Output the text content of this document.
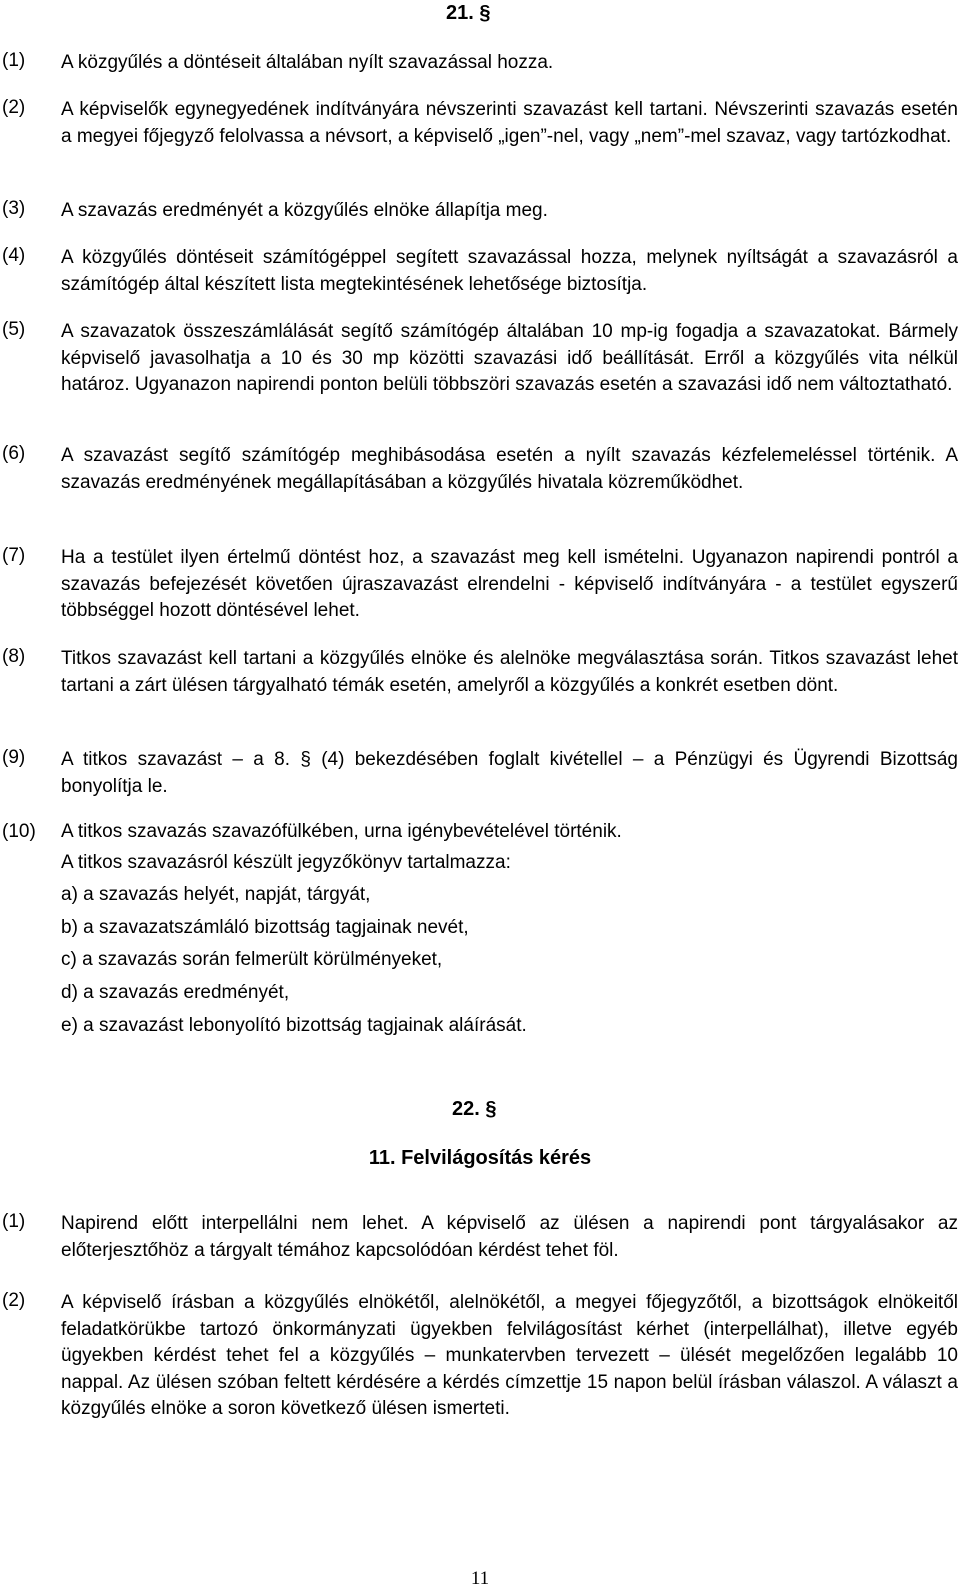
21. §
(1) A közgyűlés a döntéseit általában nyílt szavazással hozza.
(2) A képviselők egynegyedének indítványára névszerinti szavazást kell tartani. Névszerinti szavazás esetén a megyei főjegyző felolvassa a névsort, a képviselő „igen”-nel, vagy „nem”-mel szavaz, vagy tartózkodhat.
(3) A szavazás eredményét a közgyűlés elnöke állapítja meg.
(4) A közgyűlés döntéseit számítógéppel segített szavazással hozza, melynek nyíltságát a szavazásról a számítógép által készített lista megtekintésének lehetősége biztosítja.
(5) A szavazatok összeszámlálását segítő számítógép általában 10 mp-ig fogadja a szavazatokat. Bármely képviselő javasolhatja a 10 és 30 mp közötti szavazási idő beállítását. Erről a közgyűlés vita nélkül határoz. Ugyanazon napirendi ponton belüli többszöri szavazás esetén a szavazási idő nem változtatható.
(6) A szavazást segítő számítógép meghibásodása esetén a nyílt szavazás kézfelemeléssel történik. A szavazás eredményének megállapításában a közgyűlés hivatala közreműködhet.
(7) Ha a testület ilyen értelmű döntést hoz, a szavazást meg kell ismételni. Ugyanazon napirendi pontról a szavazás befejezését követően újraszavazást elrendelni - képviselő indítványára - a testület egyszerű többséggel hozott döntésével lehet.
(8) Titkos szavazást kell tartani a közgyűlés elnöke és alelnöke megválasztása során. Titkos szavazást lehet tartani a zárt ülésen tárgyalható témák esetén, amelyről a közgyűlés a konkrét esetben dönt.
(9) A titkos szavazást – a 8. § (4) bekezdésében foglalt kivétellel – a Pénzügyi és Ügyrendi Bizottság bonyolítja le.
(10) A titkos szavazás szavazófülkében, urna igénybevételével történik.
A titkos szavazásról készült jegyzőkönyv tartalmazza:
a) a szavazás helyét, napját, tárgyát,
b) a szavazatszámláló bizottság tagjainak nevét,
c) a szavazás során felmerült körülményeket,
d) a szavazás eredményét,
e) a szavazást lebonyolító bizottság tagjainak aláírását.
22. §
11. Felvilágosítás kérés
(1) Napirend előtt interpellálni nem lehet. A képviselő az ülésen a napirendi pont tárgyalásakor az előterjesztőhöz a tárgyalt témához kapcsolódóan kérdést tehet föl.
(2) A képviselő írásban a közgyűlés elnökétől, alelnökétől, a megyei főjegyzőtől, a bizottságok elnökeitől feladatkörükbe tartozó önkormányzati ügyekben felvilágosítást kérhet (interpellálhat), illetve egyéb ügyekben kérdést tehet fel a közgyűlés – munkatervben tervezett – ülését megelőzően legalább 10 nappal. Az ülésen szóban feltett kérdésére a kérdés címzettje 15 napon belül írásban válaszol. A választ a közgyűlés elnöke a soron következő ülésen ismerteti.
11
